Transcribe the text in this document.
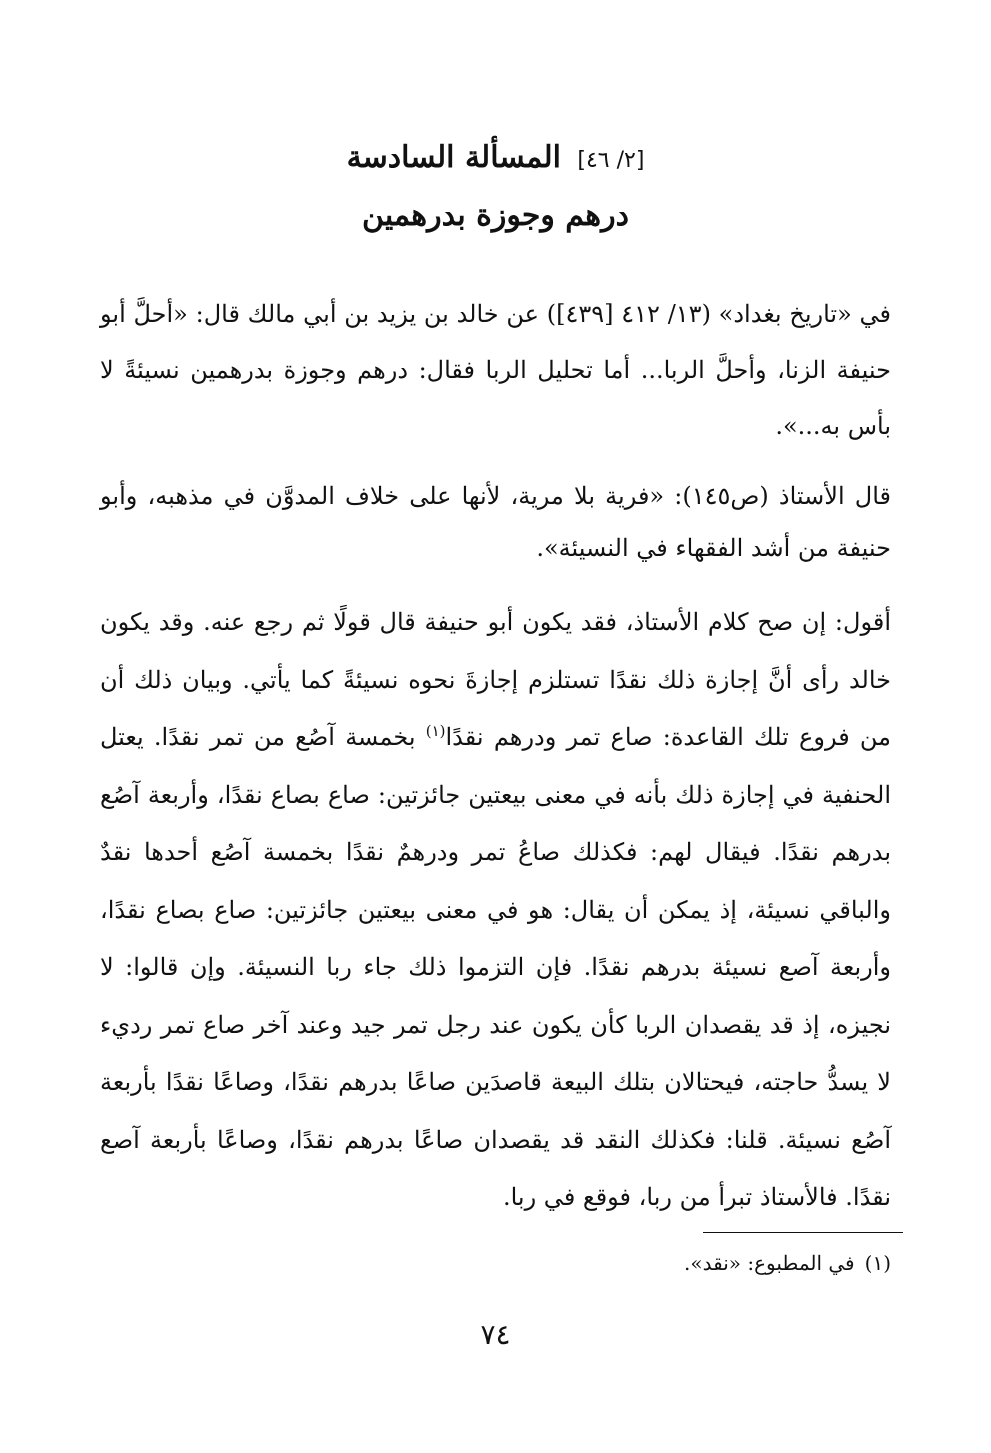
[٢/ ٤٦] المسألة السادسة
درهم وجوزة بدرهمين

في «تاريخ بغداد» (١٣/ ٤١٢ [٤٣٩]) عن خالد بن يزيد بن أبي مالك قال: «أحلَّ أبو حنيفة الزنا، وأحلَّ الربا... أما تحليل الربا فقال: درهم وجوزة بدرهمين نسيئةً لا بأس به...».

قال الأستاذ (ص١٤٥): «فرية بلا مرية، لأنها على خلاف المدوَّن في مذهبه، وأبو حنيفة من أشد الفقهاء في النسيئة».

أقول: إن صح كلام الأستاذ، فقد يكون أبو حنيفة قال قولًا ثم رجع عنه. وقد يكون خالد رأى أنَّ إجازة ذلك نقدًا تستلزم إجازةَ نحوه نسيئةً كما يأتي. وبيان ذلك أن من فروع تلك القاعدة: صاع تمر ودرهم نقدًا$^{(١)}$ بخمسة آصُع من تمر نقدًا. يعتل الحنفية في إجازة ذلك بأنه في معنى بيعتين جائزتين: صاع بصاع نقدًا، وأربعة آصُع بدرهم نقدًا. فيقال لهم: فكذلك صاعُ تمر ودرهمٌ نقدًا بخمسة آصُع أحدها نقدٌ والباقي نسيئة، إذ يمكن أن يقال: هو في معنى بيعتين جائزتين: صاع بصاع نقدًا، وأربعة آصع نسيئة بدرهم نقدًا. فإن التزموا ذلك جاء ربا النسيئة. وإن قالوا: لا نجيزه، إذ قد يقصدان الربا كأن يكون عند رجل تمر جيد وعند آخر صاع تمر رديء لا يسدُّ حاجته، فيحتالان بتلك البيعة قاصدَين صاعًا بدرهم نقدًا، وصاعًا نقدًا بأربعة آصُع نسيئة. قلنا: فكذلك النقد قد يقصدان صاعًا بدرهم نقدًا، وصاعًا بأربعة آصع نقدًا. فالأستاذ تبرأ من ربا، فوقع في ربا.

(١)في المطبوع: «نقد».
٧٤
